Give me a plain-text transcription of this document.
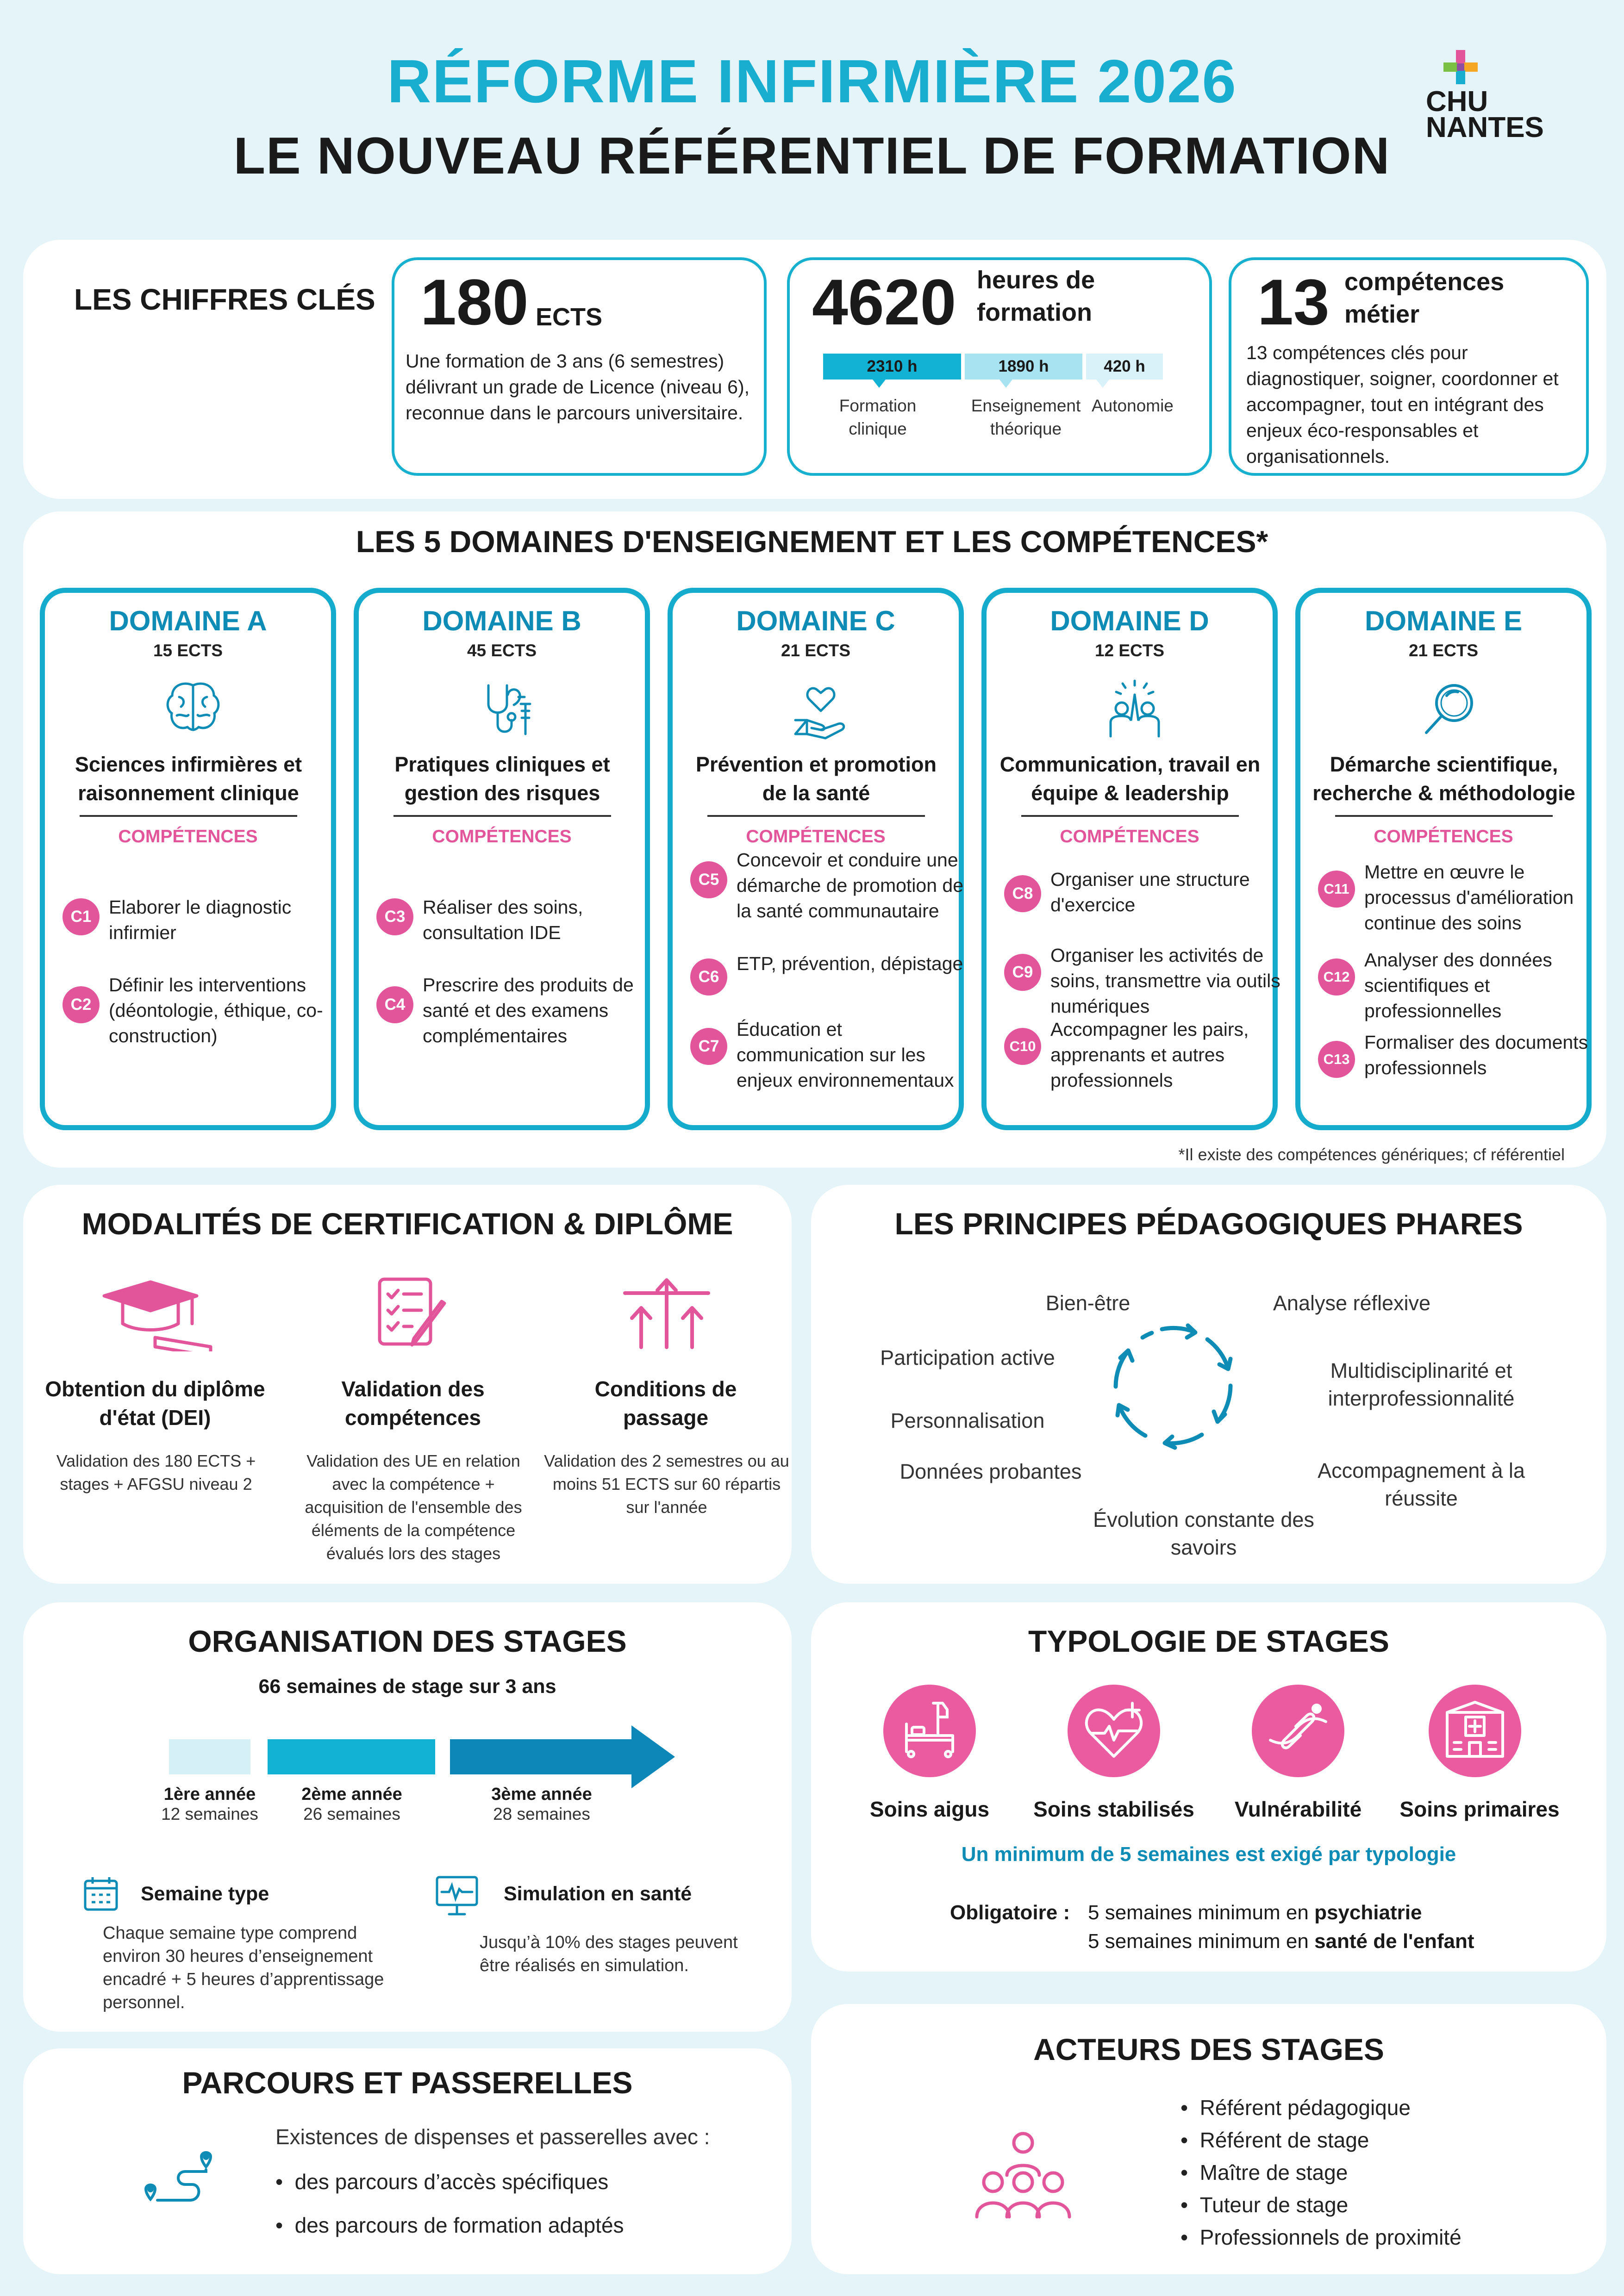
RÉFORME INFIRMIÈRE 2026
LE NOUVEAU RÉFÉRENTIEL DE FORMATION
CHU
NANTES
LES CHIFFRES CLÉS 180 ECTS
Une formation de 3 ans (6 semestres) délivrant un grade de Licence (niveau 6), reconnue dans le parcours universitaire.
4620 heures de formation
2310 h	1890 h	420 h
Formation clinique
Enseignement théorique
Autonomie
13 compétences métier
13 compétences clés pour diagnostiquer, soigner, coordonner et accompagner, tout en intégrant des enjeux éco-responsables et organisationnels.
LES 5 DOMAINES D'ENSEIGNEMENT ET LES COMPÉTENCES*
DOMAINE A
15 ECTS
Sciences infirmières et raisonnement clinique
COMPÉTENCES
C1 Elaborer le diagnostic infirmier
C2
Définir les interventions (déontologie, éthique, co-construction)
DOMAINE B
45 ECTS
Pratiques cliniques et gestion des risques
COMPÉTENCES
C3 Réaliser des soins, consultation IDE
C4
Prescrire des produits de santé et des examens complémentaires
DOMAINE C
21 ECTS
Prévention et promotion de la santé
COMPÉTENCES
C5
Concevoir et conduire une démarche de promotion de la santé communautaire
C6
ETP, prévention, dépistage
C7
Éducation et communication sur les enjeux environnementaux
DOMAINE D
12 ECTS
Communication, travail en équipe & leadership
COMPÉTENCES
C8
Organiser une structure d'exercice
C9
Organiser les activités de soins, transmettre via outils numériques
C10
Accompagner les pairs, apprenants et autres professionnels
DOMAINE E
21 ECTS
Démarche scientifique, recherche & méthodologie
COMPÉTENCES
C11
Mettre en œuvre le processus d'amélioration continue des soins
C12
Analyser des données scientifiques et professionnelles
C13
Formaliser des documents professionnels
*Il existe des compétences génériques; cf référentiel
MODALITÉS DE CERTIFICATION & DIPLÔME
Obtention du diplôme d'état (DEI)
Validation des 180 ECTS + stages + AFGSU niveau 2
Validation des compétences
Validation des UE en relation avec la compétence + acquisition de l'ensemble des éléments de la compétence évalués lors des stages
Conditions de passage
Validation des 2 semestres ou au moins 51 ECTS sur 60 répartis sur l'année
LES PRINCIPES PÉDAGOGIQUES PHARES
Bien-être	Analyse réflexive
Participation active
Multidisciplinarité et interprofessionnalité
Personnalisation
Données probantes	Accompagnement à la réussite
Évolution constante des savoirs
ORGANISATION DES STAGES
66 semaines de stage sur 3 ans
1ère année
12 semaines
2ème année
26 semaines
3ème année
28 semaines
Semaine type
Chaque semaine type comprend environ 30 heures d’enseignement encadré + 5 heures d’apprentissage personnel.
Simulation en santé
Jusqu’à 10% des stages peuvent être réalisés en simulation.
TYPOLOGIE DE STAGES
Soins aigus	Soins stabilisés	Vulnérabilité	Soins primaires
Un minimum de 5 semaines est exigé par typologie
Obligatoire : 5 semaines minimum en psychiatrie
5 semaines minimum en santé de l'enfant
PARCOURS ET PASSERELLES
Existences de dispenses et passerelles avec :
•  des parcours d’accès spécifiques
•  des parcours de formation adaptés
ACTEURS DES STAGES
•  Référent pédagogique
•  Référent de stage
•  Maître de stage
•  Tuteur de stage
•  Professionnels de proximité
